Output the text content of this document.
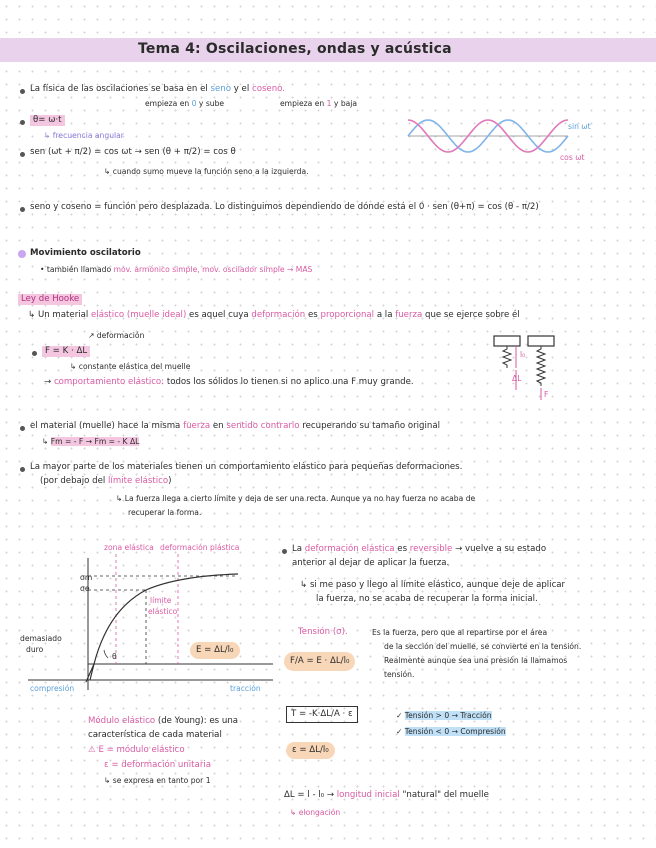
Tema 4: Oscilaciones, ondas y acústica
La física de las oscilaciones se basa en el seno y el coseno.
empieza en 0 y sube	empieza en 1 y baja
θ= ω·t
↳ frecuencia angular
sen (ωt + π/2) = cos ωt → sen (θ + π/2) = cos θ
↳ cuando sumo mueve la función seno a la izquierda.
sin ωt
cos ωt
seno y coseno = función pero desplazada. Lo distinguimos dependiendo de dónde está el 0 · sen (θ+π) = cos (θ - π/2)
Movimiento oscilatorio
• también llamado mov. armónico simple, mov. oscilador simple → MAS
Ley de Hooke
↳ Un material elástico (muelle ideal) es aquel cuya deformación es proporcional a la fuerza que se ejerce sobre él
↗ deformación
F = K · ΔL
↳ constante elástica del muelle
→ comportamiento elástico: todos los sólidos lo tienen si no aplico una F muy grande.
l₀
ΔL
F
el material (muelle) hace la misma fuerza en sentido contrario recuperando su tamaño original
↳ Fm = - F → Fm = - K ΔL
La mayor parte de los materiales tienen un comportamiento elástico para pequeñas deformaciones.
(por debajo del límite elástico)
↳ La fuerza llega a cierto límite y deja de ser una recta. Aunque ya no hay fuerza no acaba de
recuperar la forma.
zona elástica deformación plástica
σm
σe
límite
elástico
demasiado
duro
θ
compresión	tracción
E = ΔL/l₀
La deformación elástica es reversible → vuelve a su estado
anterior al dejar de aplicar la fuerza.
↳ si me paso y llego al límite elástico, aunque deje de aplicar
la fuerza, no se acaba de recuperar la forma inicial.
Tensión (σ).	Es la fuerza, pero que al repartirse por el área
de la sección del muelle, se convierte en la tensión.
Realmente aunque sea una presión la llamamos
tensión.
F/A = E · ΔL/l₀
T = -K·ΔL/A · ε
ε = ΔL/l₀
✓ Tensión > 0 → Tracción
✓ Tensión < 0 → Compresión
Módulo elástico (de Young): es una
característica de cada material
⚠ E = módulo elástico
ε = deformación unitaria
↳ se expresa en tanto por 1
ΔL = l - l₀ → longitud inicial "natural" del muelle
↳ elongación
